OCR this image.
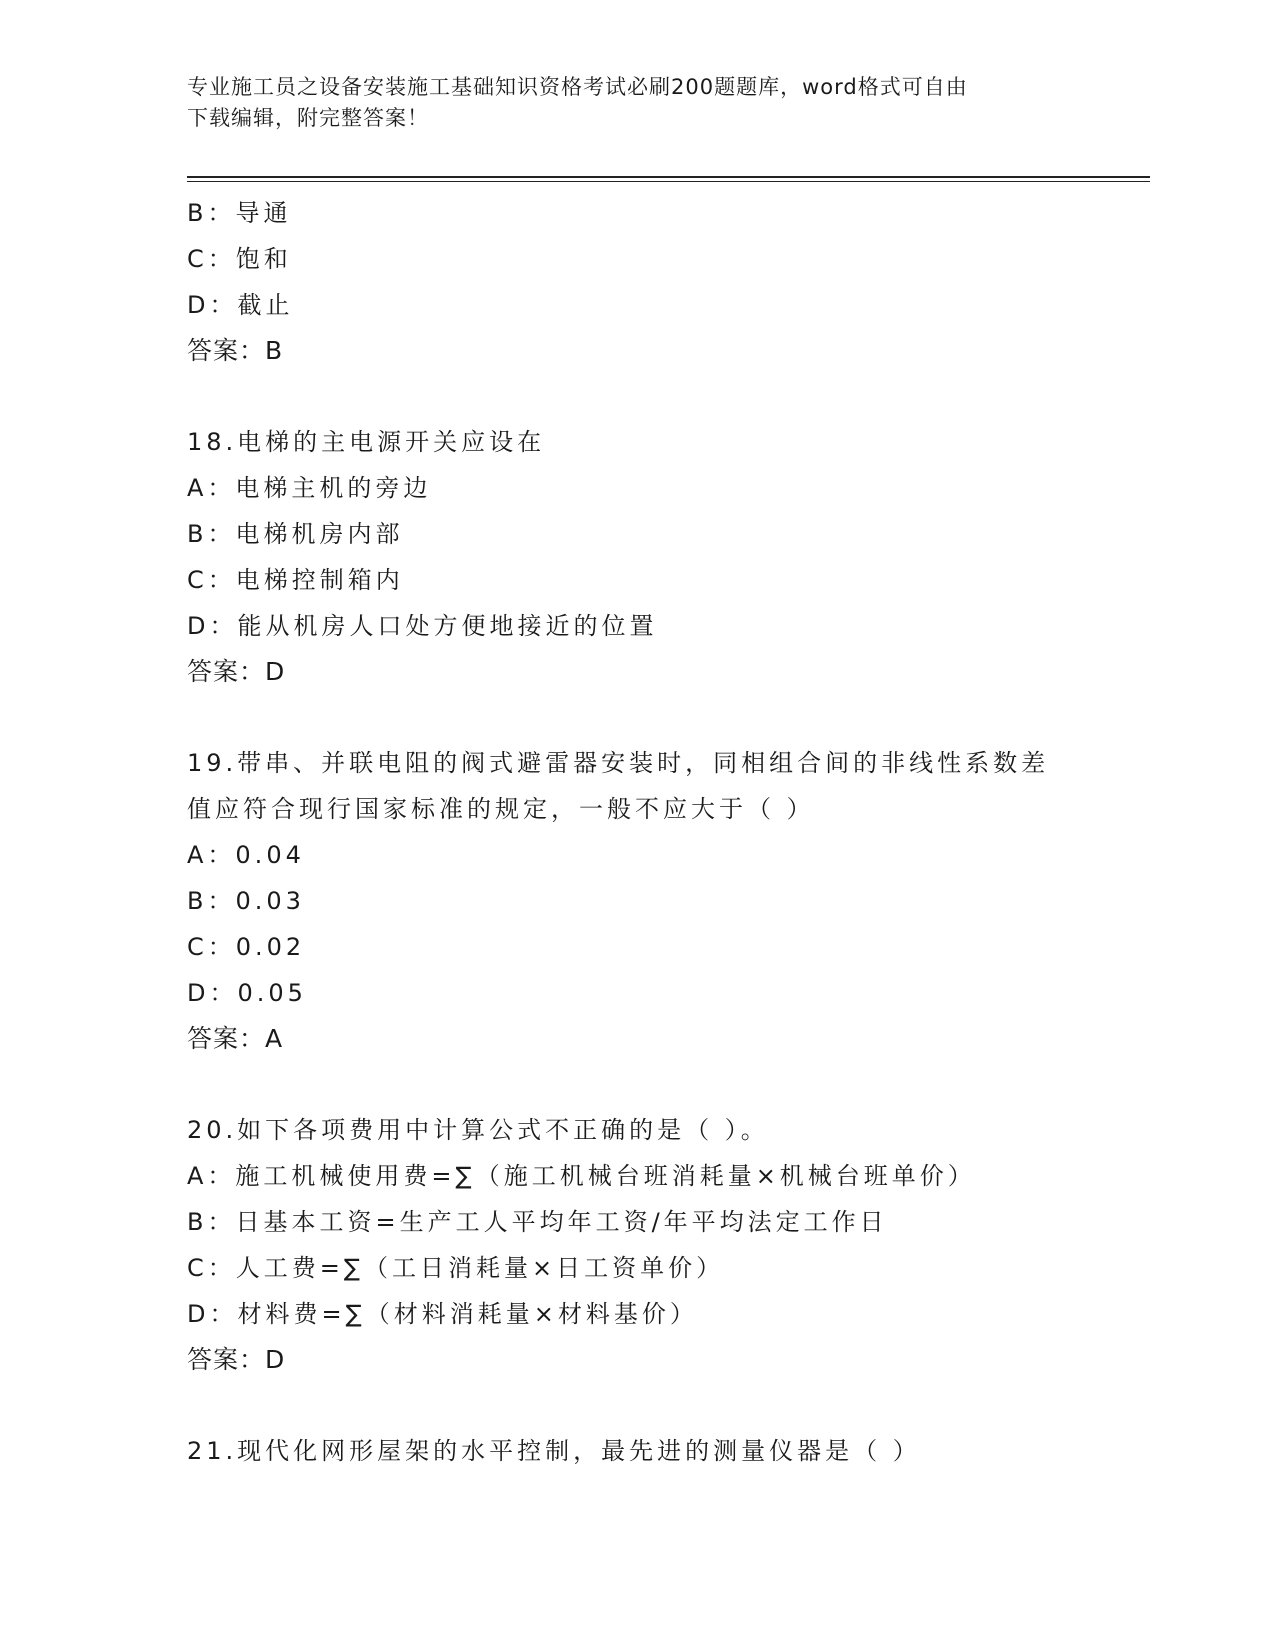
专业施工员之设备安装施工基础知识资格考试必刷200题题库，word格式可自由
下载编辑，附完整答案！
B：导通
C：饱和
D：截止
答案：B
18.电梯的主电源开关应设在
A：电梯主机的旁边
B：电梯机房内部
C：电梯控制箱内
D：能从机房人口处方便地接近的位置
答案：D
19.带串、并联电阻的阀式避雷器安装时，同相组合间的非线性系数差
值应符合现行国家标准的规定，一般不应大于（ ）
A：0.04
B：0.03
C：0.02
D：0.05
答案：A
20.如下各项费用中计算公式不正确的是（ ）。
A：施工机械使用费=∑（施工机械台班消耗量×机械台班单价）
B：日基本工资=生产工人平均年工资/年平均法定工作日
C：人工费=∑（工日消耗量×日工资单价）
D：材料费=∑（材料消耗量×材料基价）
答案：D
21.现代化网形屋架的水平控制，最先进的测量仪器是（ ）
